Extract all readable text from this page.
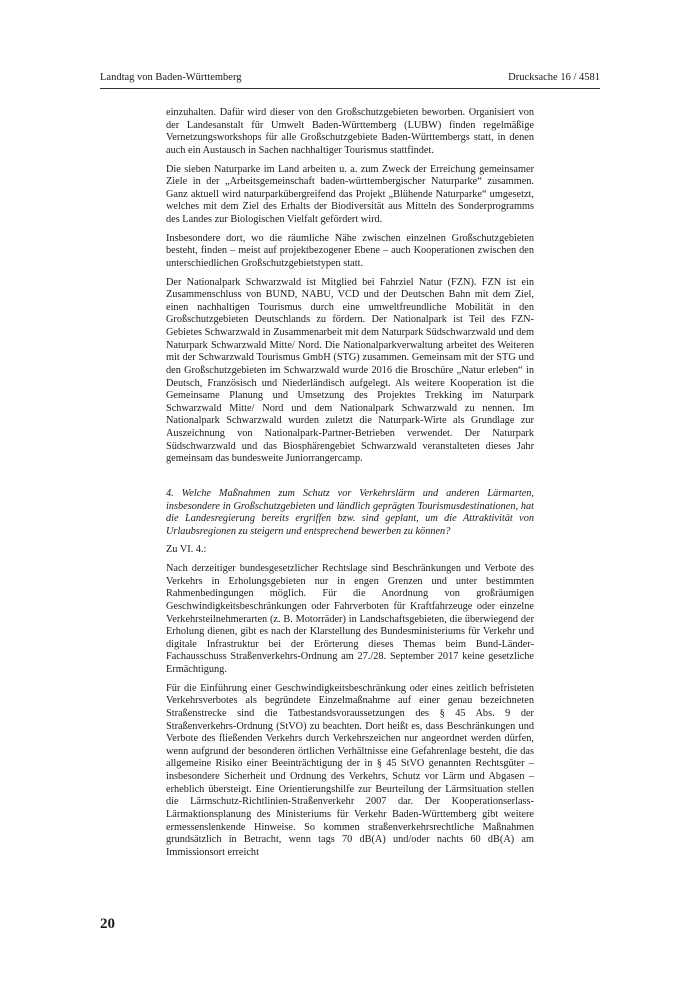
Landtag von Baden-Württemberg	Drucksache 16 / 4581

einzuhalten. Dafür wird dieser von den Großschutzgebieten beworben. Organisiert von der Landesanstalt für Umwelt Baden-Württemberg (LUBW) finden regelmäßige Vernetzungsworkshops für alle Großschutzgebiete Baden-Württembergs statt, in denen auch ein Austausch in Sachen nachhaltiger Tourismus stattfindet.

Die sieben Naturparke im Land arbeiten u. a. zum Zweck der Erreichung gemeinsamer Ziele in der „Arbeitsgemeinschaft baden-württembergischer Naturparke“ zusammen. Ganz aktuell wird naturparkübergreifend das Projekt „Blühende Naturparke“ umgesetzt, welches mit dem Ziel des Erhalts der Biodiversität aus Mitteln des Sonderprogramms des Landes zur Biologischen Vielfalt gefördert wird.

Insbesondere dort, wo die räumliche Nähe zwischen einzelnen Großschutzgebieten besteht, finden – meist auf projektbezogener Ebene – auch Kooperationen zwischen den unterschiedlichen Großschutzgebietstypen statt.

Der Nationalpark Schwarzwald ist Mitglied bei Fahrziel Natur (FZN). FZN ist ein Zusammenschluss von BUND, NABU, VCD und der Deutschen Bahn mit dem Ziel, einen nachhaltigen Tourismus durch eine umweltfreundliche Mobilität in den Großschutzgebieten Deutschlands zu fördern. Der Nationalpark ist Teil des FZN-Gebietes Schwarzwald in Zusammenarbeit mit dem Naturpark Südschwarzwald und dem Naturpark Schwarzwald Mitte/ Nord. Die Nationalparkverwaltung arbeitet des Weiteren mit der Schwarzwald Tourismus GmbH (STG) zusammen. Gemeinsam mit der STG und den Großschutzgebieten im Schwarzwald wurde 2016 die Broschüre „Natur erleben“ in Deutsch, Französisch und Niederländisch aufgelegt. Als weitere Kooperation ist die Gemeinsame Planung und Umsetzung des Projektes Trekking im Naturpark Schwarzwald Mitte/ Nord und dem Nationalpark Schwarzwald zu nennen. Im Nationalpark Schwarzwald wurden zuletzt die Naturpark-Wirte als Grundlage zur Auszeichnung von Nationalpark-Partner-Betrieben verwendet. Der Naturpark Südschwarzwald und das Biosphärengebiet Schwarzwald veranstalteten dieses Jahr gemeinsam das bundesweite Juniorrangercamp.

4. Welche Maßnahmen zum Schutz vor Verkehrslärm und anderen Lärmarten, insbesondere in Großschutzgebieten und ländlich geprägten Tourismusdestinationen, hat die Landesregierung bereits ergriffen bzw. sind geplant, um die Attraktivität von Urlaubsregionen zu steigern und entsprechend bewerben zu können?

Zu VI. 4.:

Nach derzeitiger bundesgesetzlicher Rechtslage sind Beschränkungen und Verbote des Verkehrs in Erholungsgebieten nur in engen Grenzen und unter bestimmten Rahmenbedingungen möglich. Für die Anordnung von großräumigen Geschwindigkeitsbeschränkungen oder Fahrverboten für Kraftfahrzeuge oder einzelne Verkehrsteilnehmerarten (z. B. Motorräder) in Landschaftsgebieten, die überwiegend der Erholung dienen, gibt es nach der Klarstellung des Bundesministeriums für Verkehr und digitale Infrastruktur bei der Erörterung dieses Themas beim Bund-Länder-Fachausschuss Straßenverkehrs-Ordnung am 27./28. September 2017 keine gesetzliche Ermächtigung.

Für die Einführung einer Geschwindigkeitsbeschränkung oder eines zeitlich befristeten Verkehrsverbotes als begründete Einzelmaßnahme auf einer genau bezeichneten Straßenstrecke sind die Tatbestandsvoraussetzungen des § 45 Abs. 9 der Straßenverkehrs-Ordnung (StVO) zu beachten. Dort heißt es, dass Beschränkungen und Verbote des fließenden Verkehrs durch Verkehrszeichen nur angeordnet werden dürfen, wenn aufgrund der besonderen örtlichen Verhältnisse eine Gefahrenlage besteht, die das allgemeine Risiko einer Beeinträchtigung der in § 45 StVO genannten Rechtsgüter – insbesondere Sicherheit und Ordnung des Verkehrs, Schutz vor Lärm und Abgasen – erheblich übersteigt. Eine Orientierungshilfe zur Beurteilung der Lärmsituation stellen die Lärmschutz-Richtlinien-Straßenverkehr 2007 dar. Der Kooperationserlass-Lärmaktionsplanung des Ministeriums für Verkehr Baden-Württemberg gibt weitere ermessenslenkende Hinweise. So kommen straßenverkehrsrechtliche Maßnahmen grundsätzlich in Betracht, wenn tags 70 dB(A) und/oder nachts 60 dB(A) am Immissionsort erreicht

20
